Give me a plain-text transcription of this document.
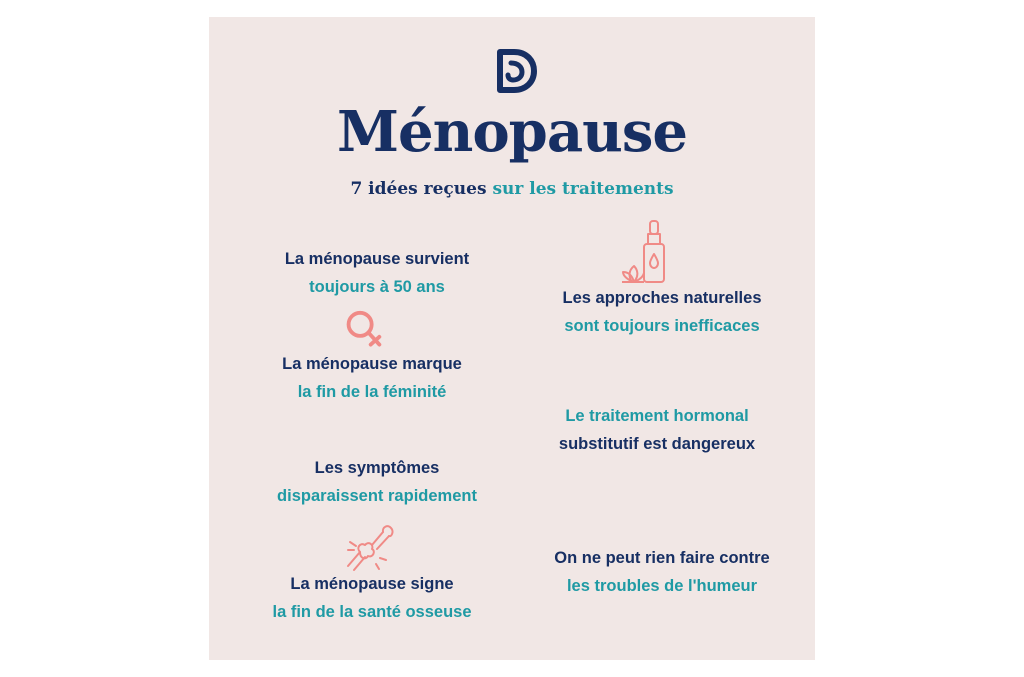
Ménopause
7 idées reçues sur les traitements
La ménopause survient
toujours à 50 ans
La ménopause marque
la fin de la féminité
Les symptômes
disparaissent rapidement
La ménopause signe
la fin de la santé osseuse
Les approches naturelles
sont toujours inefficaces
Le traitement hormonal
substitutif est dangereux
On ne peut rien faire contre
les troubles de l'humeur
